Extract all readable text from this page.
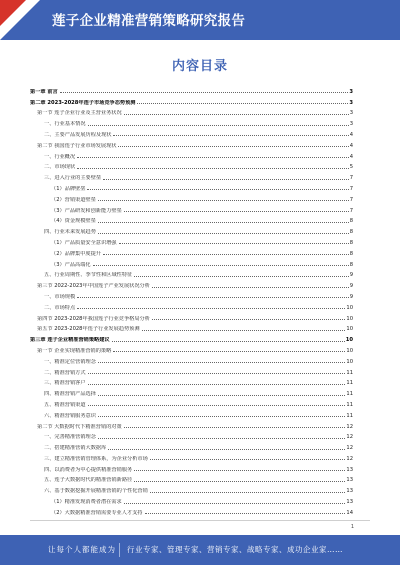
莲子企业精准营销策略研究报告
内容目录
第一章 前言	3
第二章 2023-2028年莲子市场竞争态势预测	3
第一节 莲子企业行业及主营业务状况	3
一、行业基本情况	3
二、主要产品发展历程及现状	4
第二节 我国莲子行业市场发展现状	4
一、行业概况	4
二、市场现状	5
三、进入行业的主要壁垒	7
（1）品牌壁垒	7
（2）营销渠道壁垒	7
（3）产品研发和创新能力壁垒	7
（4）资金规模壁垒	8
四、行业未来发展趋势	8
（1）产品质量安全意识增强	8
（2）品牌集中度提升	8
（3）产品高端化	8
五、行业周期性、季节性和区域性特征	9
第三节 2022-2023年中国莲子产业发展状况分析	9
一、市场规模	9
二、市场特点	10
第四节 2023-2028年我国莲子行业竞争格局分析	10
第五节 2023-2028年莲子行业发展趋势预测	10
第三章 莲子企业精准营销策略建议	10
第一节 企业实现精准营销的策略	10
一、精准定位营销理念	10
二、精准营销方式	11
三、精准营销客户	11
四、精准营销产品选择	11
五、精准营销渠道	11
六、精准营销服务意识	11
第二节 大数据时代下精准营销的对策	12
一、完善精准营销理念	12
二、搭建精准营销大数据库	12
三、建立精准营销管理体系，为企业分析市场	12
四、以消费者为中心提供精准营销服务	13
五、莲子大数据时代的精准营销新路径	13
六、基于数据挖掘开展精准营销的个性化营销	13
（1）精准发现消费者潜在需求	13
（2）大数据精准营销需要专业人才支持	14
1
让每个人都能成为 行业专家、管理专家、营销专家、战略专家、成功企业家……
